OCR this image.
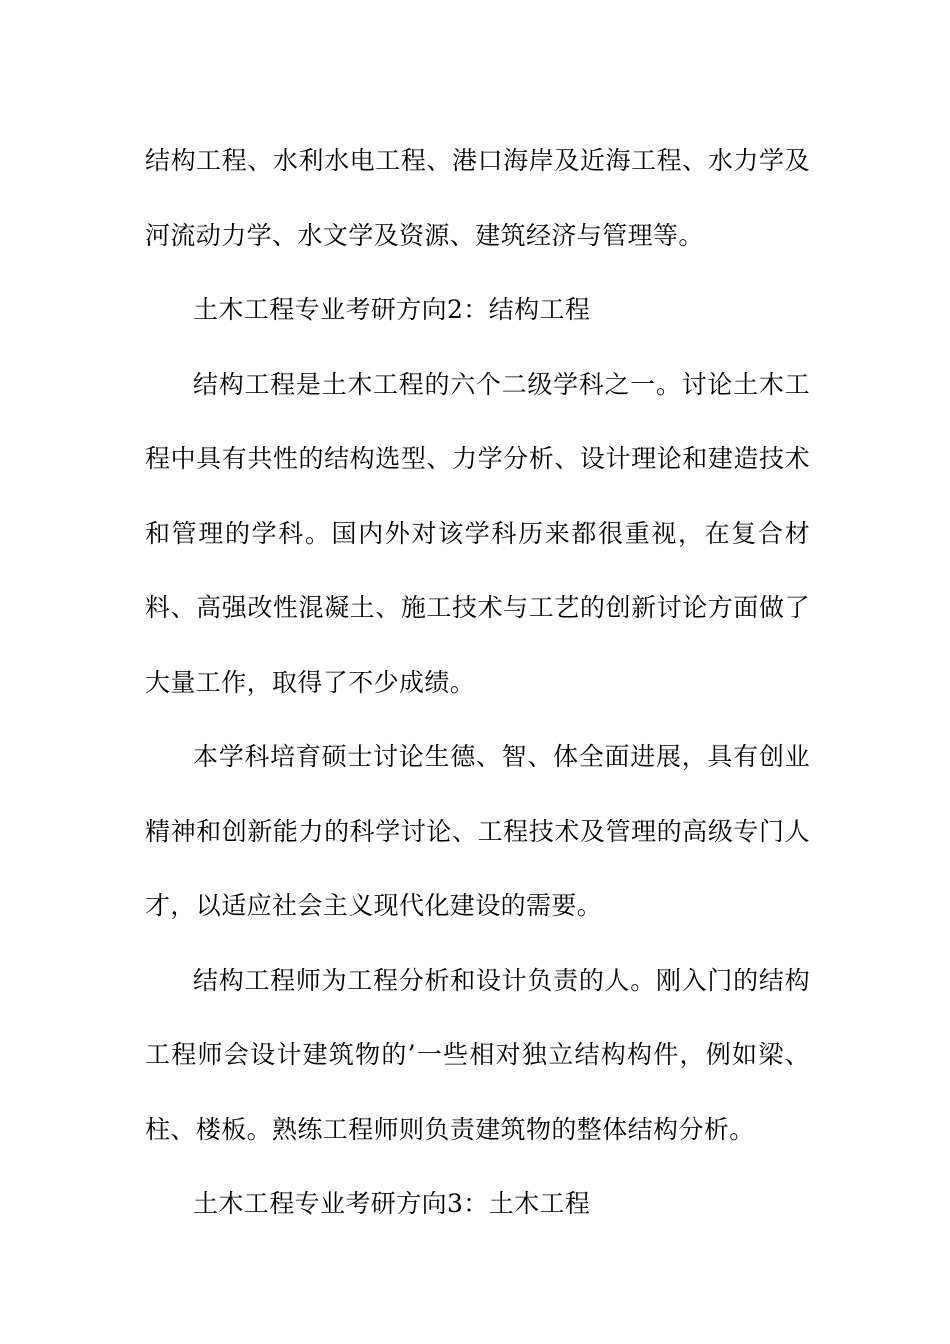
结构工程、水利水电工程、港口海岸及近海工程、水力学及河流动力学、水文学及资源、建筑经济与管理等。

土木工程专业考研方向2：结构工程

结构工程是土木工程的六个二级学科之一。讨论土木工程中具有共性的结构选型、力学分析、设计理论和建造技术和管理的学科。国内外对该学科历来都很重视，在复合材料、高强改性混凝土、施工技术与工艺的创新讨论方面做了大量工作，取得了不少成绩。

本学科培育硕士讨论生德、智、体全面进展，具有创业精神和创新能力的科学讨论、工程技术及管理的高级专门人才，以适应社会主义现代化建设的需要。

结构工程师为工程分析和设计负责的人。刚入门的结构工程师会设计建筑物的’一些相对独立结构构件，例如梁、柱、楼板。熟练工程师则负责建筑物的整体结构分析。

土木工程专业考研方向3：土木工程
